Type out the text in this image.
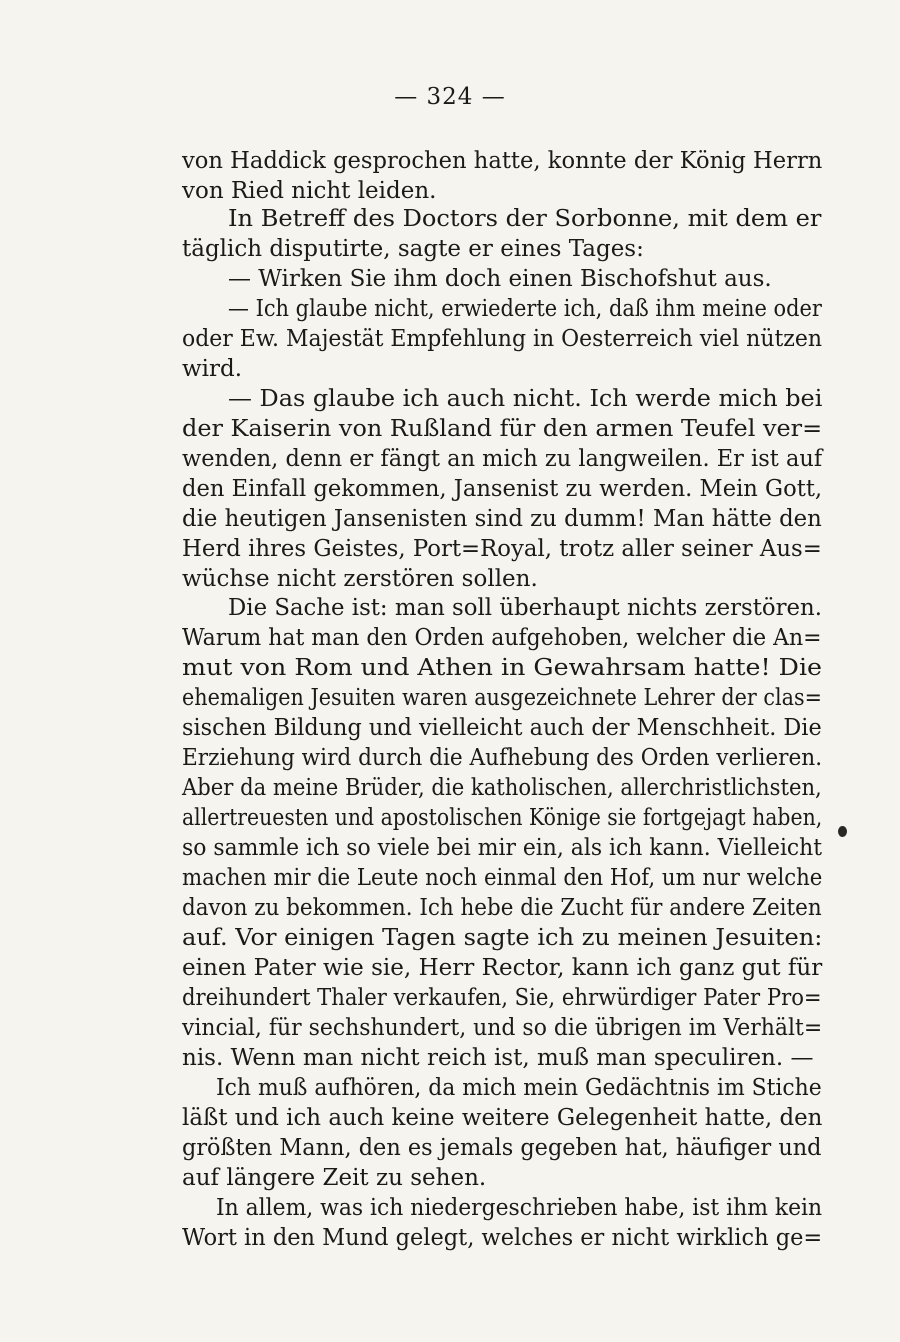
— 324 —
von Haddick gesprochen hatte, konnte der König Herrn
von Ried nicht leiden.
In Betreff des Doctors der Sorbonne, mit dem er
täglich disputirte, sagte er eines Tages:
— Wirken Sie ihm doch einen Bischofshut aus.
— Ich glaube nicht, erwiederte ich, daß ihm meine oder
oder Ew. Majestät Empfehlung in Oesterreich viel nützen
wird.
— Das glaube ich auch nicht. Ich werde mich bei
der Kaiserin von Rußland für den armen Teufel ver=
wenden, denn er fängt an mich zu langweilen. Er ist auf
den Einfall gekommen, Jansenist zu werden. Mein Gott,
die heutigen Jansenisten sind zu dumm! Man hätte den
Herd ihres Geistes, Port=Royal, trotz aller seiner Aus=
wüchse nicht zerstören sollen.
Die Sache ist: man soll überhaupt nichts zerstören.
Warum hat man den Orden aufgehoben, welcher die An=
mut von Rom und Athen in Gewahrsam hatte! Die
ehemaligen Jesuiten waren ausgezeichnete Lehrer der clas=
sischen Bildung und vielleicht auch der Menschheit. Die
Erziehung wird durch die Aufhebung des Orden verlieren.
Aber da meine Brüder, die katholischen, allerchristlichsten,
allertreuesten und apostolischen Könige sie fortgejagt haben,
so sammle ich so viele bei mir ein, als ich kann. Vielleicht
machen mir die Leute noch einmal den Hof, um nur welche
davon zu bekommen. Ich hebe die Zucht für andere Zeiten
auf. Vor einigen Tagen sagte ich zu meinen Jesuiten:
einen Pater wie sie, Herr Rector, kann ich ganz gut für
dreihundert Thaler verkaufen, Sie, ehrwürdiger Pater Pro=
vincial, für sechshundert, und so die übrigen im Verhält=
nis. Wenn man nicht reich ist, muß man speculiren. —
Ich muß aufhören, da mich mein Gedächtnis im Stiche
läßt und ich auch keine weitere Gelegenheit hatte, den
größten Mann, den es jemals gegeben hat, häufiger und
auf längere Zeit zu sehen.
In allem, was ich niedergeschrieben habe, ist ihm kein
Wort in den Mund gelegt, welches er nicht wirklich ge=
